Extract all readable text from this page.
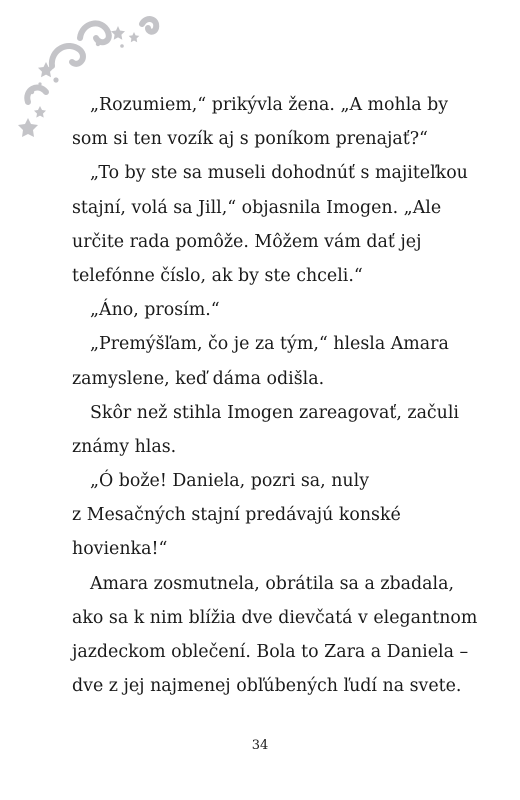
„Rozumiem,“ prikývla žena. „A mohla by
som si ten vozík aj s poníkom prenajať?“
„To by ste sa museli dohodnúť s majiteľkou
stajní, volá sa Jill,“ objasnila Imogen. „Ale
určite rada pomôže. Môžem vám dať jej
telefónne číslo, ak by ste chceli.“
„Áno, prosím.“
„Premýšľam, čo je za tým,“ hlesla Amara
zamyslene, keď dáma odišla.
Skôr než stihla Imogen zareagovať, začuli
známy hlas.
„Ó bože! Daniela, pozri sa, nuly
z Mesačných stajní predávajú konské
hovienka!“
Amara zosmutnela, obrátila sa a zbadala,
ako sa k nim blížia dve dievčatá v elegantnom
jazdeckom oblečení. Bola to Zara a Daniela –
dve z jej najmenej obľúbených ľudí na svete.
34
